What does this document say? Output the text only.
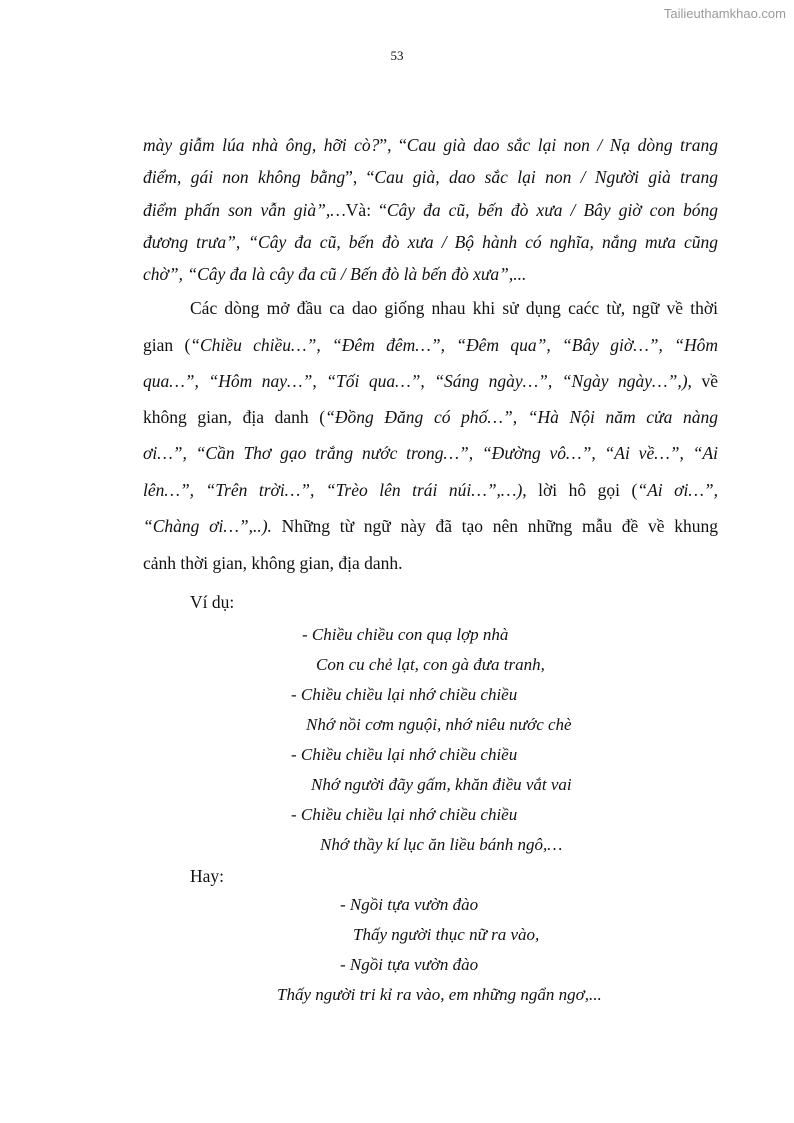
Tailieuthamkhao.com
53
mày giẫm lúa nhà ông, hỡi cò?”, “Cau già dao sắc lại non / Nạ dòng trang
điểm, gái non không bằng”, “Cau già, dao sắc lại non / Người già trang
điểm phấn son vẫn già”,…Và: “Cây đa cũ, bến đò xưa / Bây giờ con bóng
đương trưa”, “Cây đa cũ, bến đò xưa / Bộ hành có nghĩa, nắng mưa cũng
chờ”, “Cây đa là cây đa cũ / Bến đò là bến đò xưa”,...
Các dòng mở đầu ca dao giống nhau khi sử dụng caćc từ, ngữ về thời
gian (“Chiều chiều…”, “Đêm đêm…”, “Đêm qua”, “Bây giờ…”, “Hôm
qua…”, “Hôm nay…”, “Tối qua…”, “Sáng ngày…”, “Ngày ngày…”,), về
không gian, địa danh (“Đồng Đăng có phố…”, “Hà Nội năm cửa nàng
ơi…”, “Cần Thơ gạo trắng nước trong…”, “Đường vô…”, “Ai về…”, “Ai
lên…”, “Trên trời…”, “Trèo lên trái núi…”,…), lời hô gọi (“Ai ơi…”,
“Chàng ơi…”,..). Những từ ngữ này đã tạo nên những mẫu đề về khung
cảnh thời gian, không gian, địa danh.
Ví dụ:
- Chiều chiều con quạ lợp nhà
Con cu chẻ lạt, con gà đưa tranh,
- Chiều chiều lại nhớ chiều chiều
Nhớ nồi cơm nguội, nhớ niêu nước chè
- Chiều chiều lại nhớ chiều chiều
Nhớ người đãy gấm, khăn điều vắt vai
- Chiều chiều lại nhớ chiều chiều
Nhớ thầy kí lục ăn liều bánh ngô,…
Hay:
- Ngồi tựa vườn đào
Thấy người thục nữ ra vào,
- Ngồi tựa vườn đào
Thấy người tri kỉ ra vào, em những ngẩn ngơ,...
